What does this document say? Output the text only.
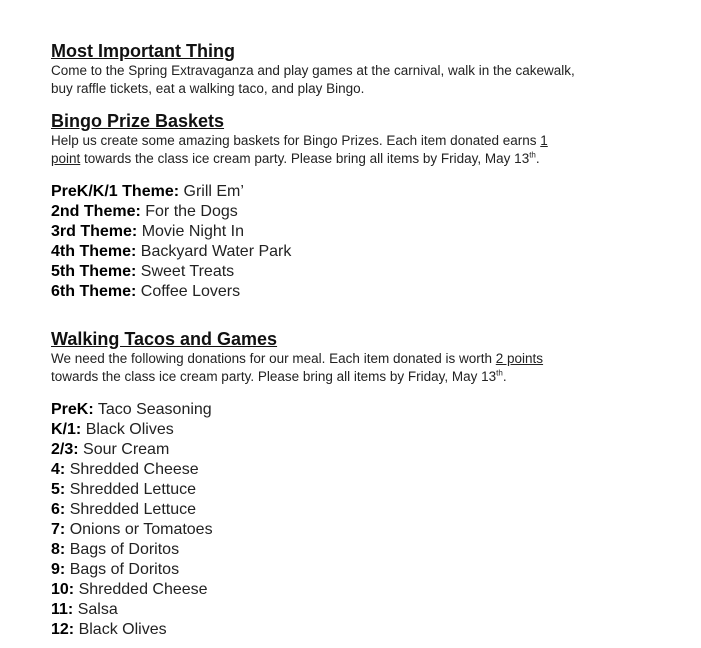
Most Important Thing

Come to the Spring Extravaganza and play games at the carnival, walk in the cakewalk,
buy raffle tickets, eat a walking taco, and play Bingo.

Bingo Prize Baskets

Help us create some amazing baskets for Bingo Prizes. Each item donated earns 1
point towards the class ice cream party. Please bring all items by Friday, May 13th.

PreK/K/1 Theme: Grill Em’
2nd Theme: For the Dogs
3rd Theme: Movie Night In
4th Theme: Backyard Water Park
5th Theme: Sweet Treats
6th Theme: Coffee Lovers
Walking Tacos and Games

We need the following donations for our meal. Each item donated is worth 2 points
towards the class ice cream party. Please bring all items by Friday, May 13th.

PreK: Taco Seasoning
K/1: Black Olives
2/3: Sour Cream
4: Shredded Cheese
5: Shredded Lettuce
6: Shredded Lettuce
7: Onions or Tomatoes
8: Bags of Doritos
9: Bags of Doritos
10: Shredded Cheese
11: Salsa
12: Black Olives
